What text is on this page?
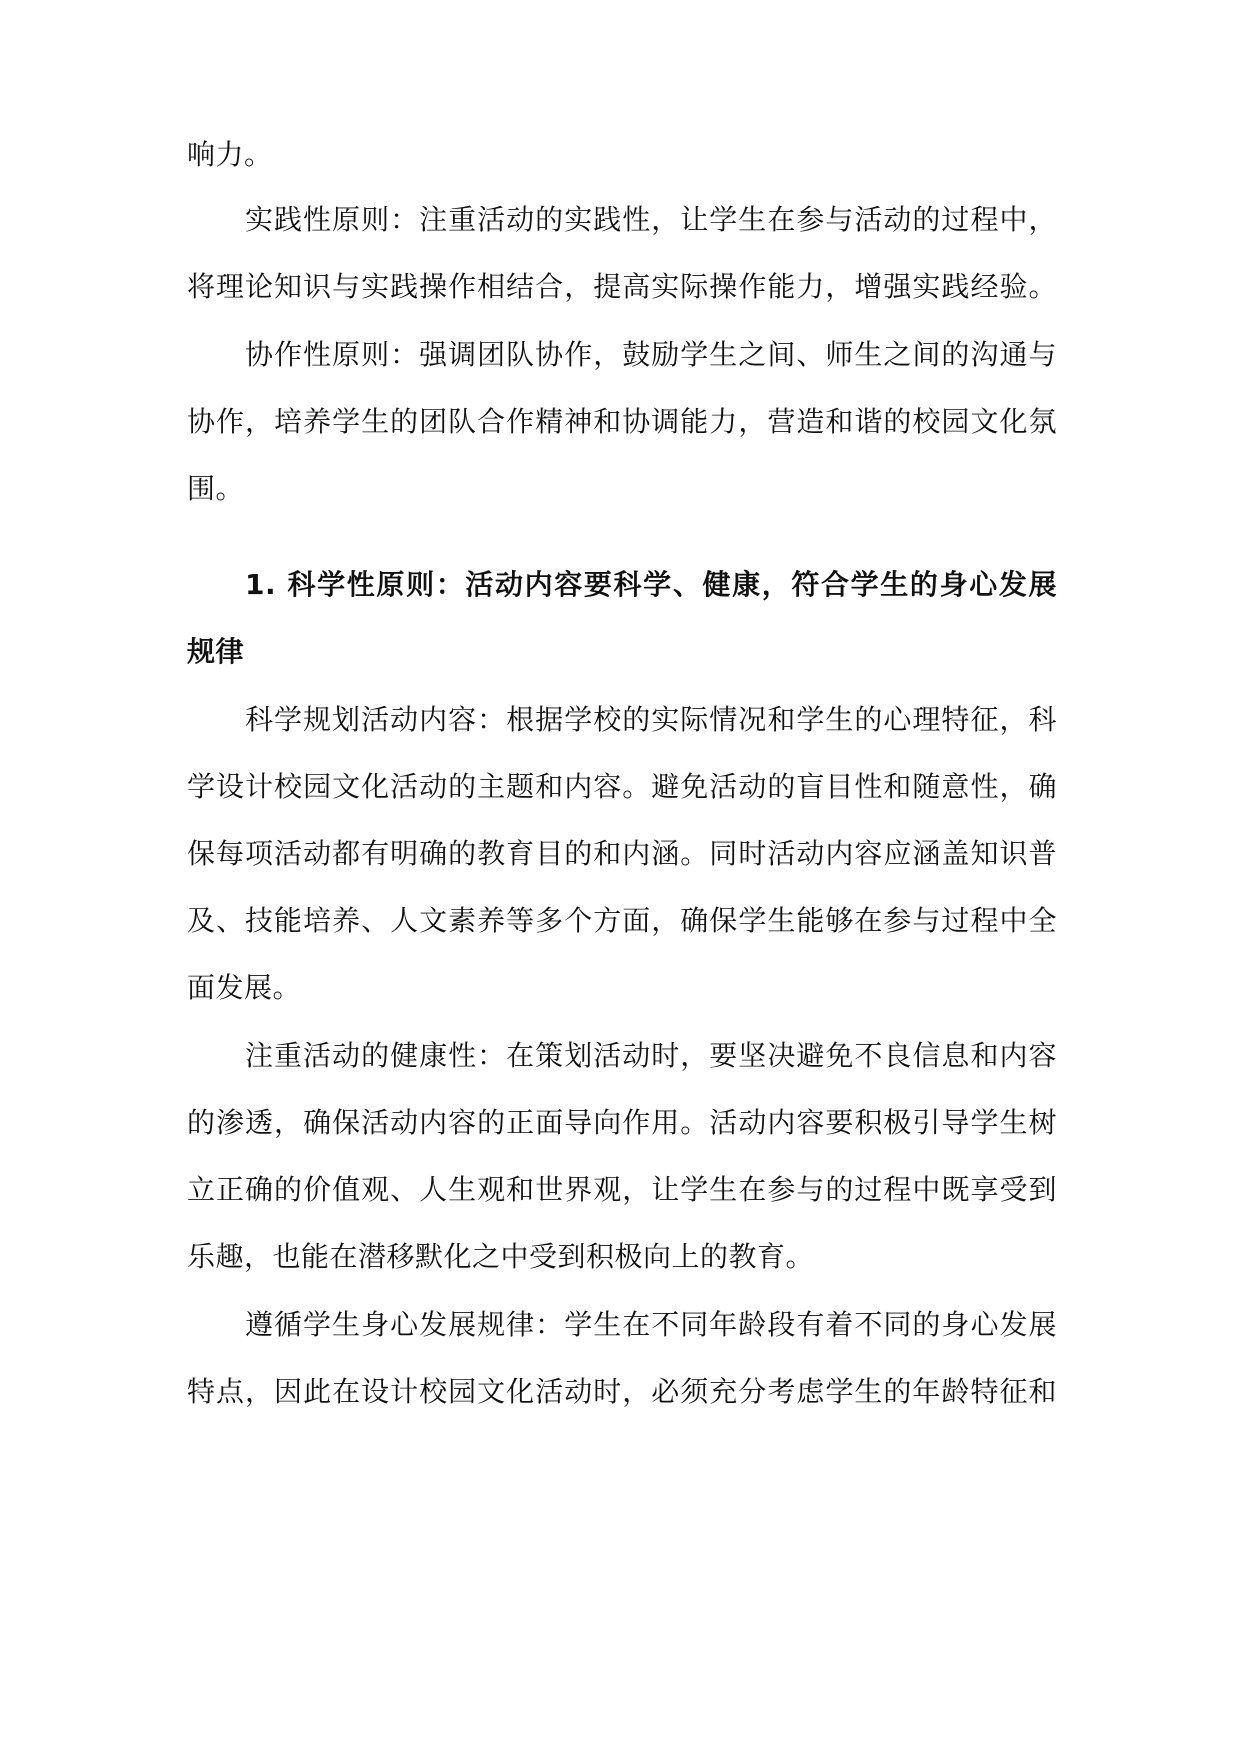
响力。
实践性原则：注重活动的实践性，让学生在参与活动的过程中，
将理论知识与实践操作相结合，提高实际操作能力，增强实践经验。
协作性原则：强调团队协作，鼓励学生之间、师生之间的沟通与
协作，培养学生的团队合作精神和协调能力，营造和谐的校园文化氛
围。
1. 科学性原则：活动内容要科学、健康，符合学生的身心发展
规律
科学规划活动内容：根据学校的实际情况和学生的心理特征，科
学设计校园文化活动的主题和内容。避免活动的盲目性和随意性，确
保每项活动都有明确的教育目的和内涵。同时活动内容应涵盖知识普
及、技能培养、人文素养等多个方面，确保学生能够在参与过程中全
面发展。
注重活动的健康性：在策划活动时，要坚决避免不良信息和内容
的渗透，确保活动内容的正面导向作用。活动内容要积极引导学生树
立正确的价值观、人生观和世界观，让学生在参与的过程中既享受到
乐趣，也能在潜移默化之中受到积极向上的教育。
遵循学生身心发展规律：学生在不同年龄段有着不同的身心发展
特点，因此在设计校园文化活动时，必须充分考虑学生的年龄特征和
